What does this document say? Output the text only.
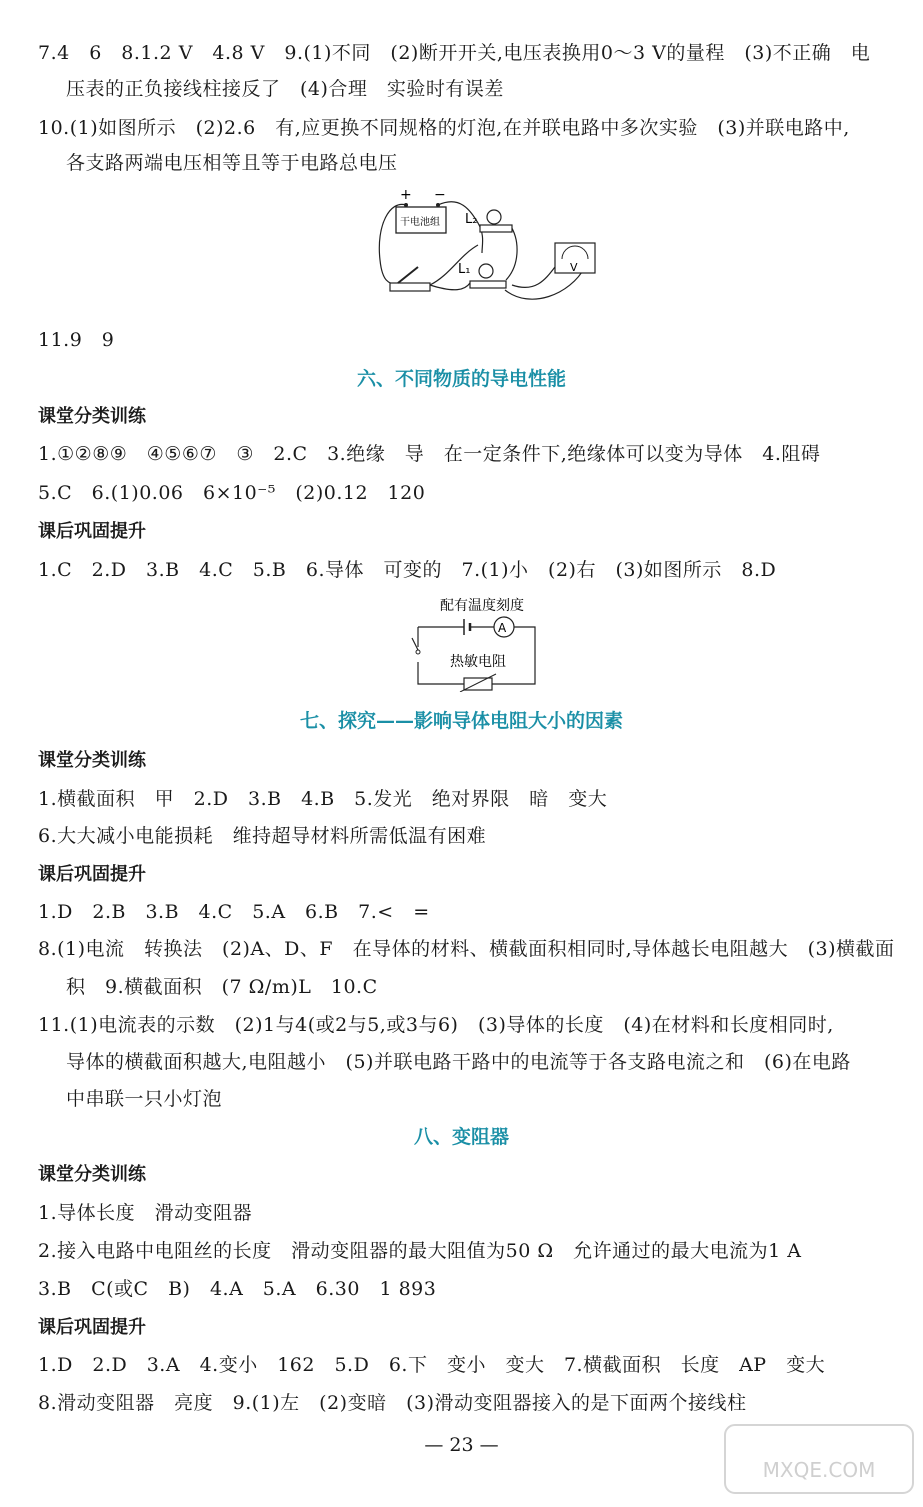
7.4　6　8.1.2 V　4.8 V　9.(1)不同　(2)断开开关,电压表换用0～3 V的量程　(3)不正确　电
压表的正负接线柱接反了　(4)合理　实验时有误差
10.(1)如图所示　(2)2.6　有,应更换不同规格的灯泡,在并联电路中多次实验　(3)并联电路中,
各支路两端电压相等且等于电路总电压
+ −
干电池组 L₂
L₁	V
11.9　9
六、不同物质的导电性能
课堂分类训练
1.①②⑧⑨　④⑤⑥⑦　③　2.C　3.绝缘　导　在一定条件下,绝缘体可以变为导体　4.阻碍
5.C　6.(1)0.06　6×10⁻⁵　(2)0.12　120
课后巩固提升
1.C　2.D　3.B　4.C　5.B　6.导体　可变的　7.(1)小　(2)右　(3)如图所示　8.D
配有温度刻度
A
热敏电阻
七、探究——影响导体电阻大小的因素
课堂分类训练
1.横截面积　甲　2.D　3.B　4.B　5.发光　绝对界限　暗　变大
6.大大减小电能损耗　维持超导材料所需低温有困难
课后巩固提升
1.D　2.B　3.B　4.C　5.A　6.B　7.<　=
8.(1)电流　转换法　(2)A、D、F　在导体的材料、横截面积相同时,导体越长电阻越大　(3)横截面
积　9.横截面积　(7 Ω/m)L　10.C
11.(1)电流表的示数　(2)1与4(或2与5,或3与6)　(3)导体的长度　(4)在材料和长度相同时,
导体的横截面积越大,电阻越小　(5)并联电路干路中的电流等于各支路电流之和　(6)在电路
中串联一只小灯泡
八、变阻器
课堂分类训练
1.导体长度　滑动变阻器
2.接入电路中电阻丝的长度　滑动变阻器的最大阻值为50 Ω　允许通过的最大电流为1 A
3.B　C(或C　B)　4.A　5.A　6.30　1 893
课后巩固提升
1.D　2.D　3.A　4.变小　162　5.D　6.下　变小　变大　7.横截面积　长度　AP　变大
8.滑动变阻器　亮度　9.(1)左　(2)变暗　(3)滑动变阻器接入的是下面两个接线柱
— 23 —
MXQE.COM
